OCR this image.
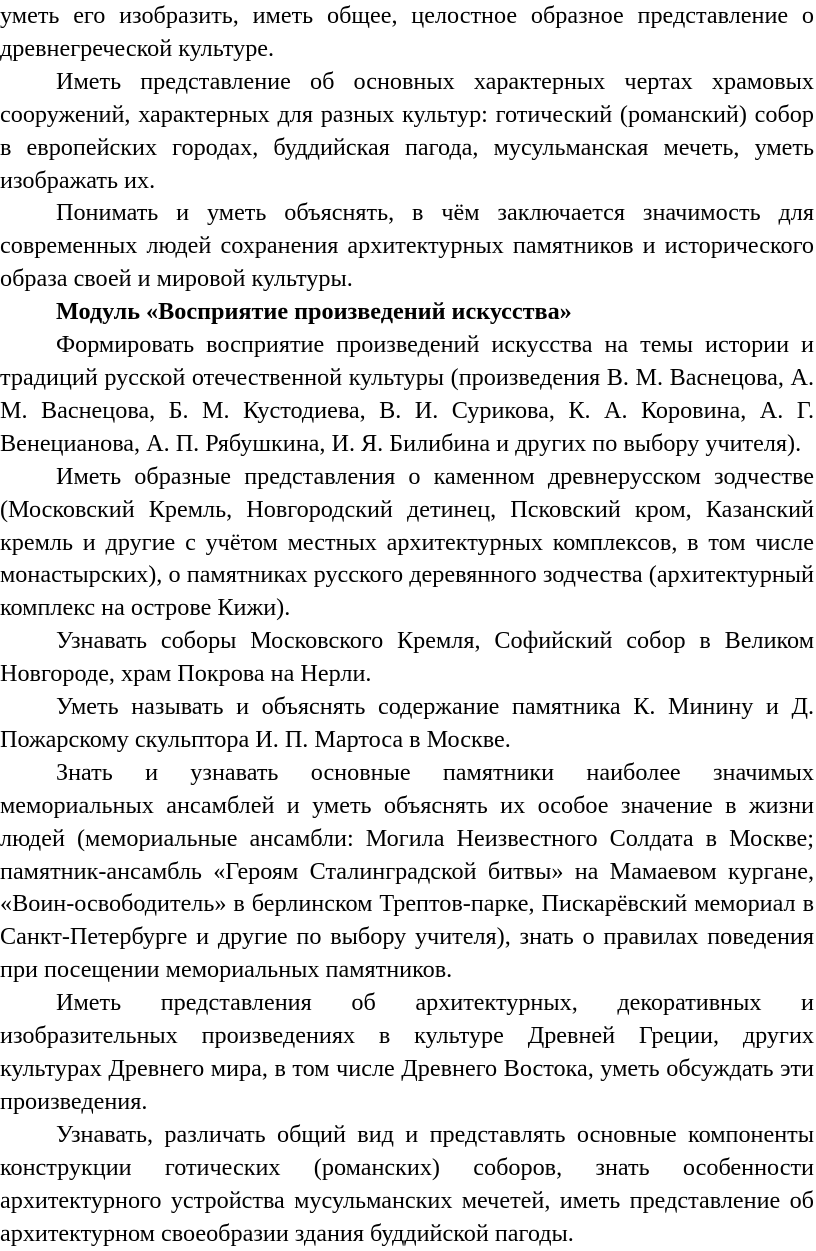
уметь его изобразить, иметь общее, целостное образное представление о древнегреческой культуре.

Иметь представление об основных характерных чертах храмовых сооружений, характерных для разных культур: готический (романский) собор в европейских городах, буддийская пагода, мусульманская мечеть, уметь изображать их.

Понимать и уметь объяснять, в чём заключается значимость для современных людей сохранения архитектурных памятников и исторического образа своей и мировой культуры.

Модуль «Восприятие произведений искусства»

Формировать восприятие произведений искусства на темы истории и традиций русской отечественной культуры (произведения В. М. Васнецова, А. М. Васнецова, Б. М. Кустодиева, В. И. Сурикова, К. А. Коровина, А. Г. Венецианова, А. П. Рябушкина, И. Я. Билибина и других по выбору учителя).

Иметь образные представления о каменном древнерусском зодчестве (Московский Кремль, Новгородский детинец, Псковский кром, Казанский кремль и другие с учётом местных архитектурных комплексов, в том числе монастырских), о памятниках русского деревянного зодчества (архитектурный комплекс на острове Кижи).

Узнавать соборы Московского Кремля, Софийский собор в Великом Новгороде, храм Покрова на Нерли.

Уметь называть и объяснять содержание памятника К. Минину и Д. Пожарскому скульптора И. П. Мартоса в Москве.

Знать и узнавать основные памятники наиболее значимых мемориальных ансамблей и уметь объяснять их особое значение в жизни людей (мемориальные ансамбли: Могила Неизвестного Солдата в Москве; памятник-ансамбль «Героям Сталинградской битвы» на Мамаевом кургане, «Воин-освободитель» в берлинском Трептов-парке, Пискарёвский мемориал в Санкт-Петербурге и другие по выбору учителя), знать о правилах поведения при посещении мемориальных памятников.

Иметь представления об архитектурных, декоративных и изобразительных произведениях в культуре Древней Греции, других культурах Древнего мира, в том числе Древнего Востока, уметь обсуждать эти произведения.

Узнавать, различать общий вид и представлять основные компоненты конструкции готических (романских) соборов, знать особенности архитектурного устройства мусульманских мечетей, иметь представление об архитектурном своеобразии здания буддийской пагоды.
